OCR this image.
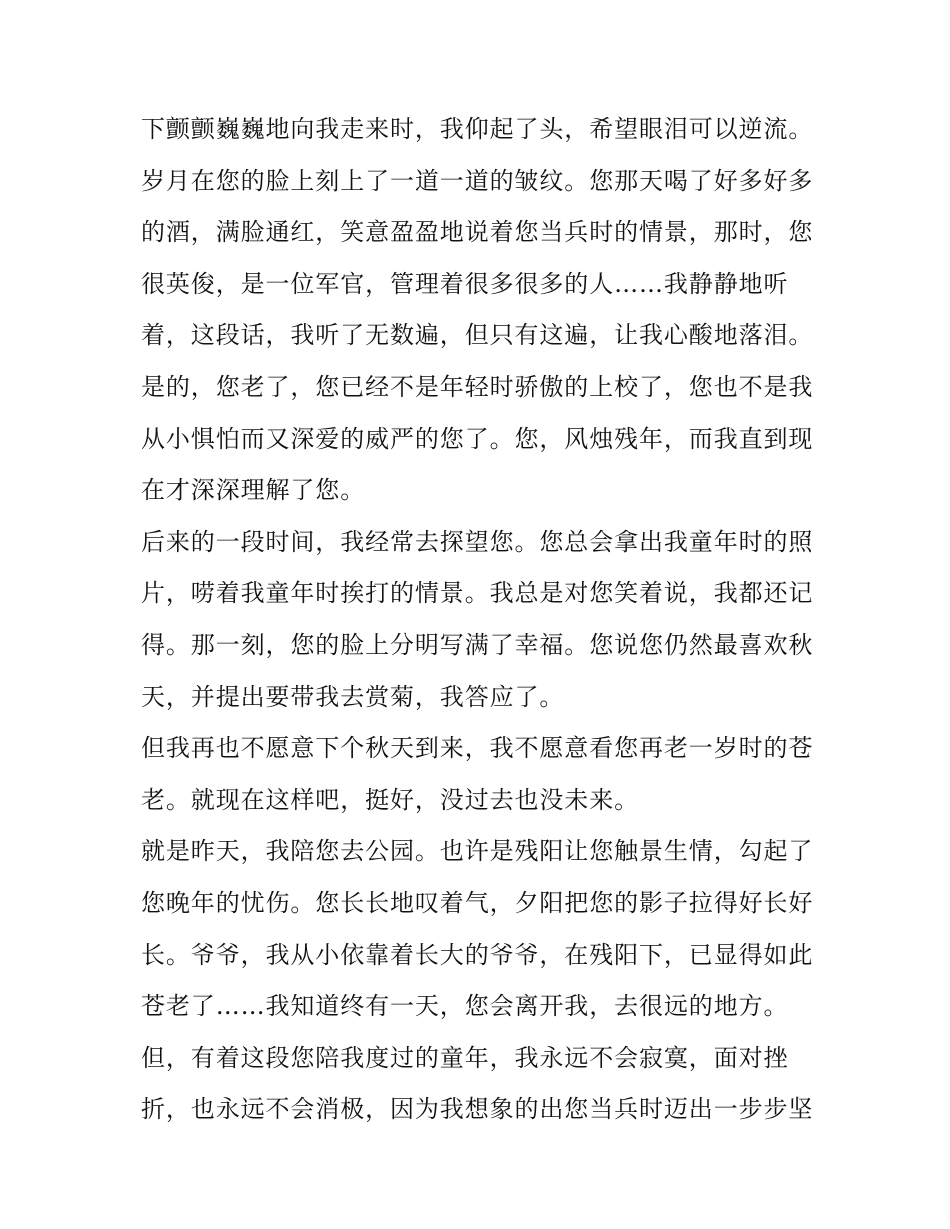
下颤颤巍巍地向我走来时，我仰起了头，希望眼泪可以逆流。
岁月在您的脸上刻上了一道一道的皱纹。您那天喝了好多好多
的酒，满脸通红，笑意盈盈地说着您当兵时的情景，那时，您
很英俊，是一位军官，管理着很多很多的人……我静静地听
着，这段话，我听了无数遍，但只有这遍，让我心酸地落泪。
是的，您老了，您已经不是年轻时骄傲的上校了，您也不是我
从小惧怕而又深爱的威严的您了。您，风烛残年，而我直到现
在才深深理解了您。
后来的一段时间，我经常去探望您。您总会拿出我童年时的照
片，唠着我童年时挨打的情景。我总是对您笑着说，我都还记
得。那一刻，您的脸上分明写满了幸福。您说您仍然最喜欢秋
天，并提出要带我去赏菊，我答应了。
但我再也不愿意下个秋天到来，我不愿意看您再老一岁时的苍
老。就现在这样吧，挺好，没过去也没未来。
就是昨天，我陪您去公园。也许是残阳让您触景生情，勾起了
您晚年的忧伤。您长长地叹着气，夕阳把您的影子拉得好长好
长。爷爷，我从小依靠着长大的爷爷，在残阳下，已显得如此
苍老了……我知道终有一天，您会离开我，去很远的地方。
但，有着这段您陪我度过的童年，我永远不会寂寞，面对挫
折，也永远不会消极，因为我想象的出您当兵时迈出一步步坚
